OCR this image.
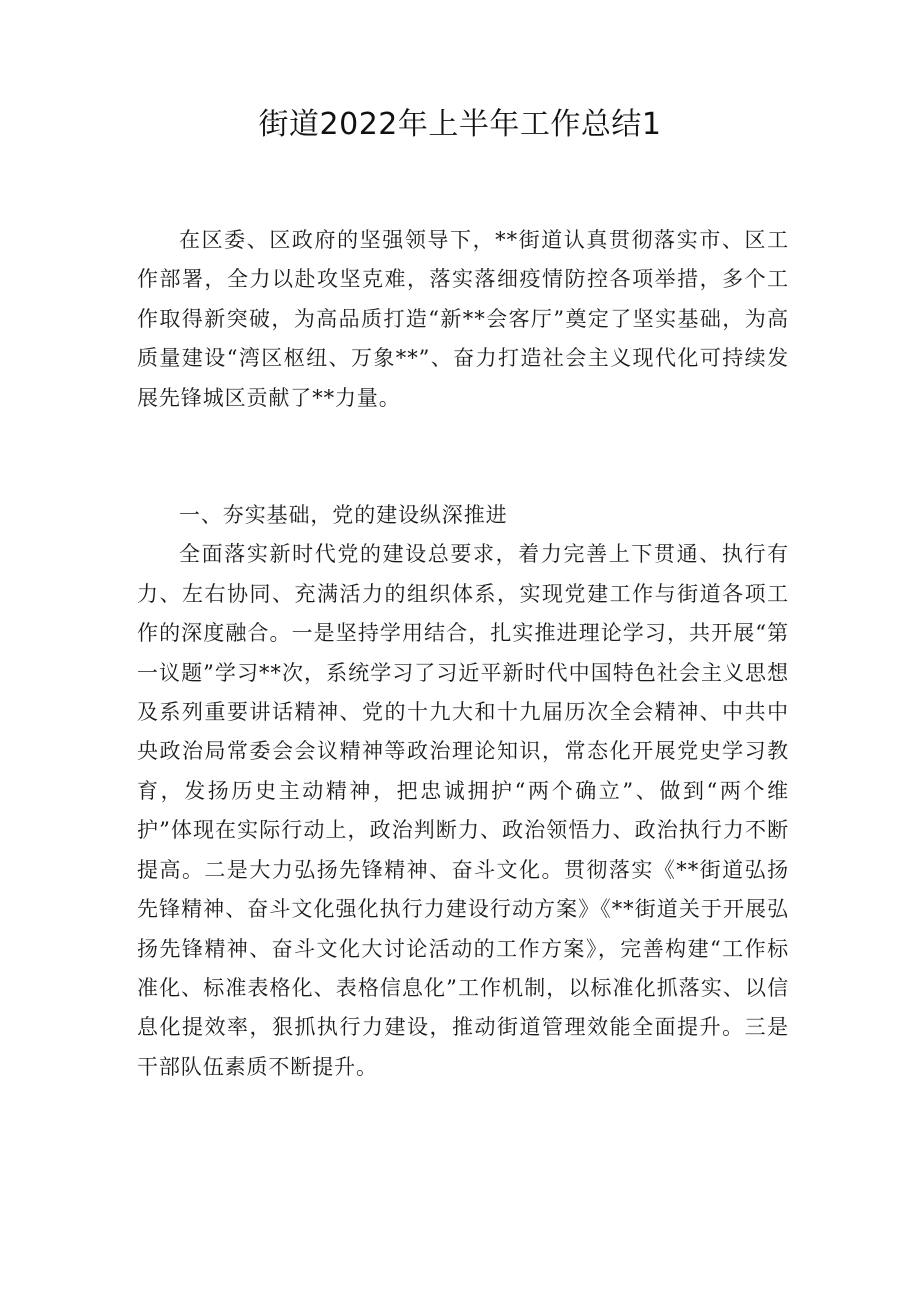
街道2022年上半年工作总结1

在区委、区政府的坚强领导下，**街道认真贯彻落实市、区工作部署，全力以赴攻坚克难，落实落细疫情防控各项举措，多个工作取得新突破，为高品质打造“新**会客厅”奠定了坚实基础，为高质量建设“湾区枢纽、万象**”、奋力打造社会主义现代化可持续发展先锋城区贡献了**力量。

一、夯实基础，党的建设纵深推进

全面落实新时代党的建设总要求，着力完善上下贯通、执行有力、左右协同、充满活力的组织体系，实现党建工作与街道各项工作的深度融合。一是坚持学用结合，扎实推进理论学习，共开展“第一议题”学习**次，系统学习了习近平新时代中国特色社会主义思想及系列重要讲话精神、党的十九大和十九届历次全会精神、中共中央政治局常委会会议精神等政治理论知识，常态化开展党史学习教育，发扬历史主动精神，把忠诚拥护“两个确立”、做到“两个维护”体现在实际行动上，政治判断力、政治领悟力、政治执行力不断提高。二是大力弘扬先锋精神、奋斗文化。贯彻落实《**街道弘扬先锋精神、奋斗文化强化执行力建设行动方案》《**街道关于开展弘扬先锋精神、奋斗文化大讨论活动的工作方案》，完善构建“工作标准化、标准表格化、表格信息化”工作机制，以标准化抓落实、以信息化提效率，狠抓执行力建设，推动街道管理效能全面提升。三是干部队伍素质不断提升。
